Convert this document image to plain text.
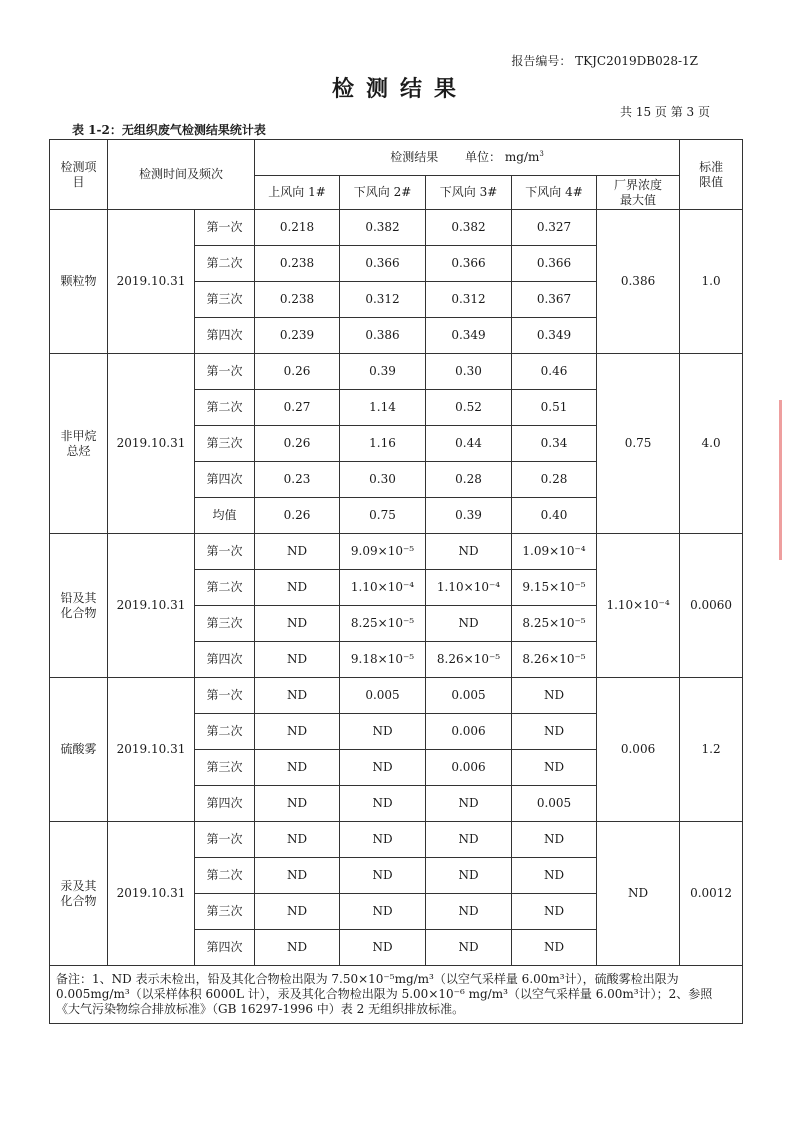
报告编号： TKJC2019DB028-1Z
检测结果
共 15 页 第 3 页
表 1-2：无组织废气检测结果统计表
检测项目	检测时间及频次		检测结果 单位： $mg/m^3$					标准限值
			上风向 1#	下风向 2#	下风向 3#	下风向 4#	厂界浓度最大值	
颗粒物	2019.10.31	第一次	0.218	0.382	0.382	0.327	0.386	1.0
		第二次	0.238	0.366	0.366	0.366		
		第三次	0.238	0.312	0.312	0.367		
		第四次	0.239	0.386	0.349	0.349		
非甲烷总烃	2019.10.31	第一次	0.26	0.39	0.30	0.46	0.75	4.0
		第二次	0.27	1.14	0.52	0.51		
		第三次	0.26	1.16	0.44	0.34		
		第四次	0.23	0.30	0.28	0.28		
		均值	0.26	0.75	0.39	0.40		
铅及其化合物	2019.10.31	第一次	ND	9.09×10⁻⁵	ND	1.09×10⁻⁴	1.10×10⁻⁴	0.0060
		第二次	ND	1.10×10⁻⁴	1.10×10⁻⁴	9.15×10⁻⁵		
		第三次	ND	8.25×10⁻⁵	ND	8.25×10⁻⁵		
		第四次	ND	9.18×10⁻⁵	8.26×10⁻⁵	8.26×10⁻⁵		
硫酸雾	2019.10.31	第一次	ND	0.005	0.005	ND	0.006	1.2
		第二次	ND	ND	0.006	ND		
		第三次	ND	ND	0.006	ND		
		第四次	ND	ND	ND	0.005		
汞及其化合物	2019.10.31	第一次	ND	ND	ND	ND	ND	0.0012
		第二次	ND	ND	ND	ND		
		第三次	ND	ND	ND	ND		
		第四次	ND	ND	ND	ND		
备注：1、ND 表示未检出，铅及其化合物检出限为 7.50×10⁻⁵mg/m³（以空气采样量 6.00m³计），硫酸雾检出限为 0.005mg/m³（以采样体积 6000L 计），汞及其化合物检出限为 5.00×10⁻⁶ mg/m³（以空气采样量 6.00m³计）；2、参照《大气污染物综合排放标准》（GB 16297-1996 中）表 2 无组织排放标准。								
